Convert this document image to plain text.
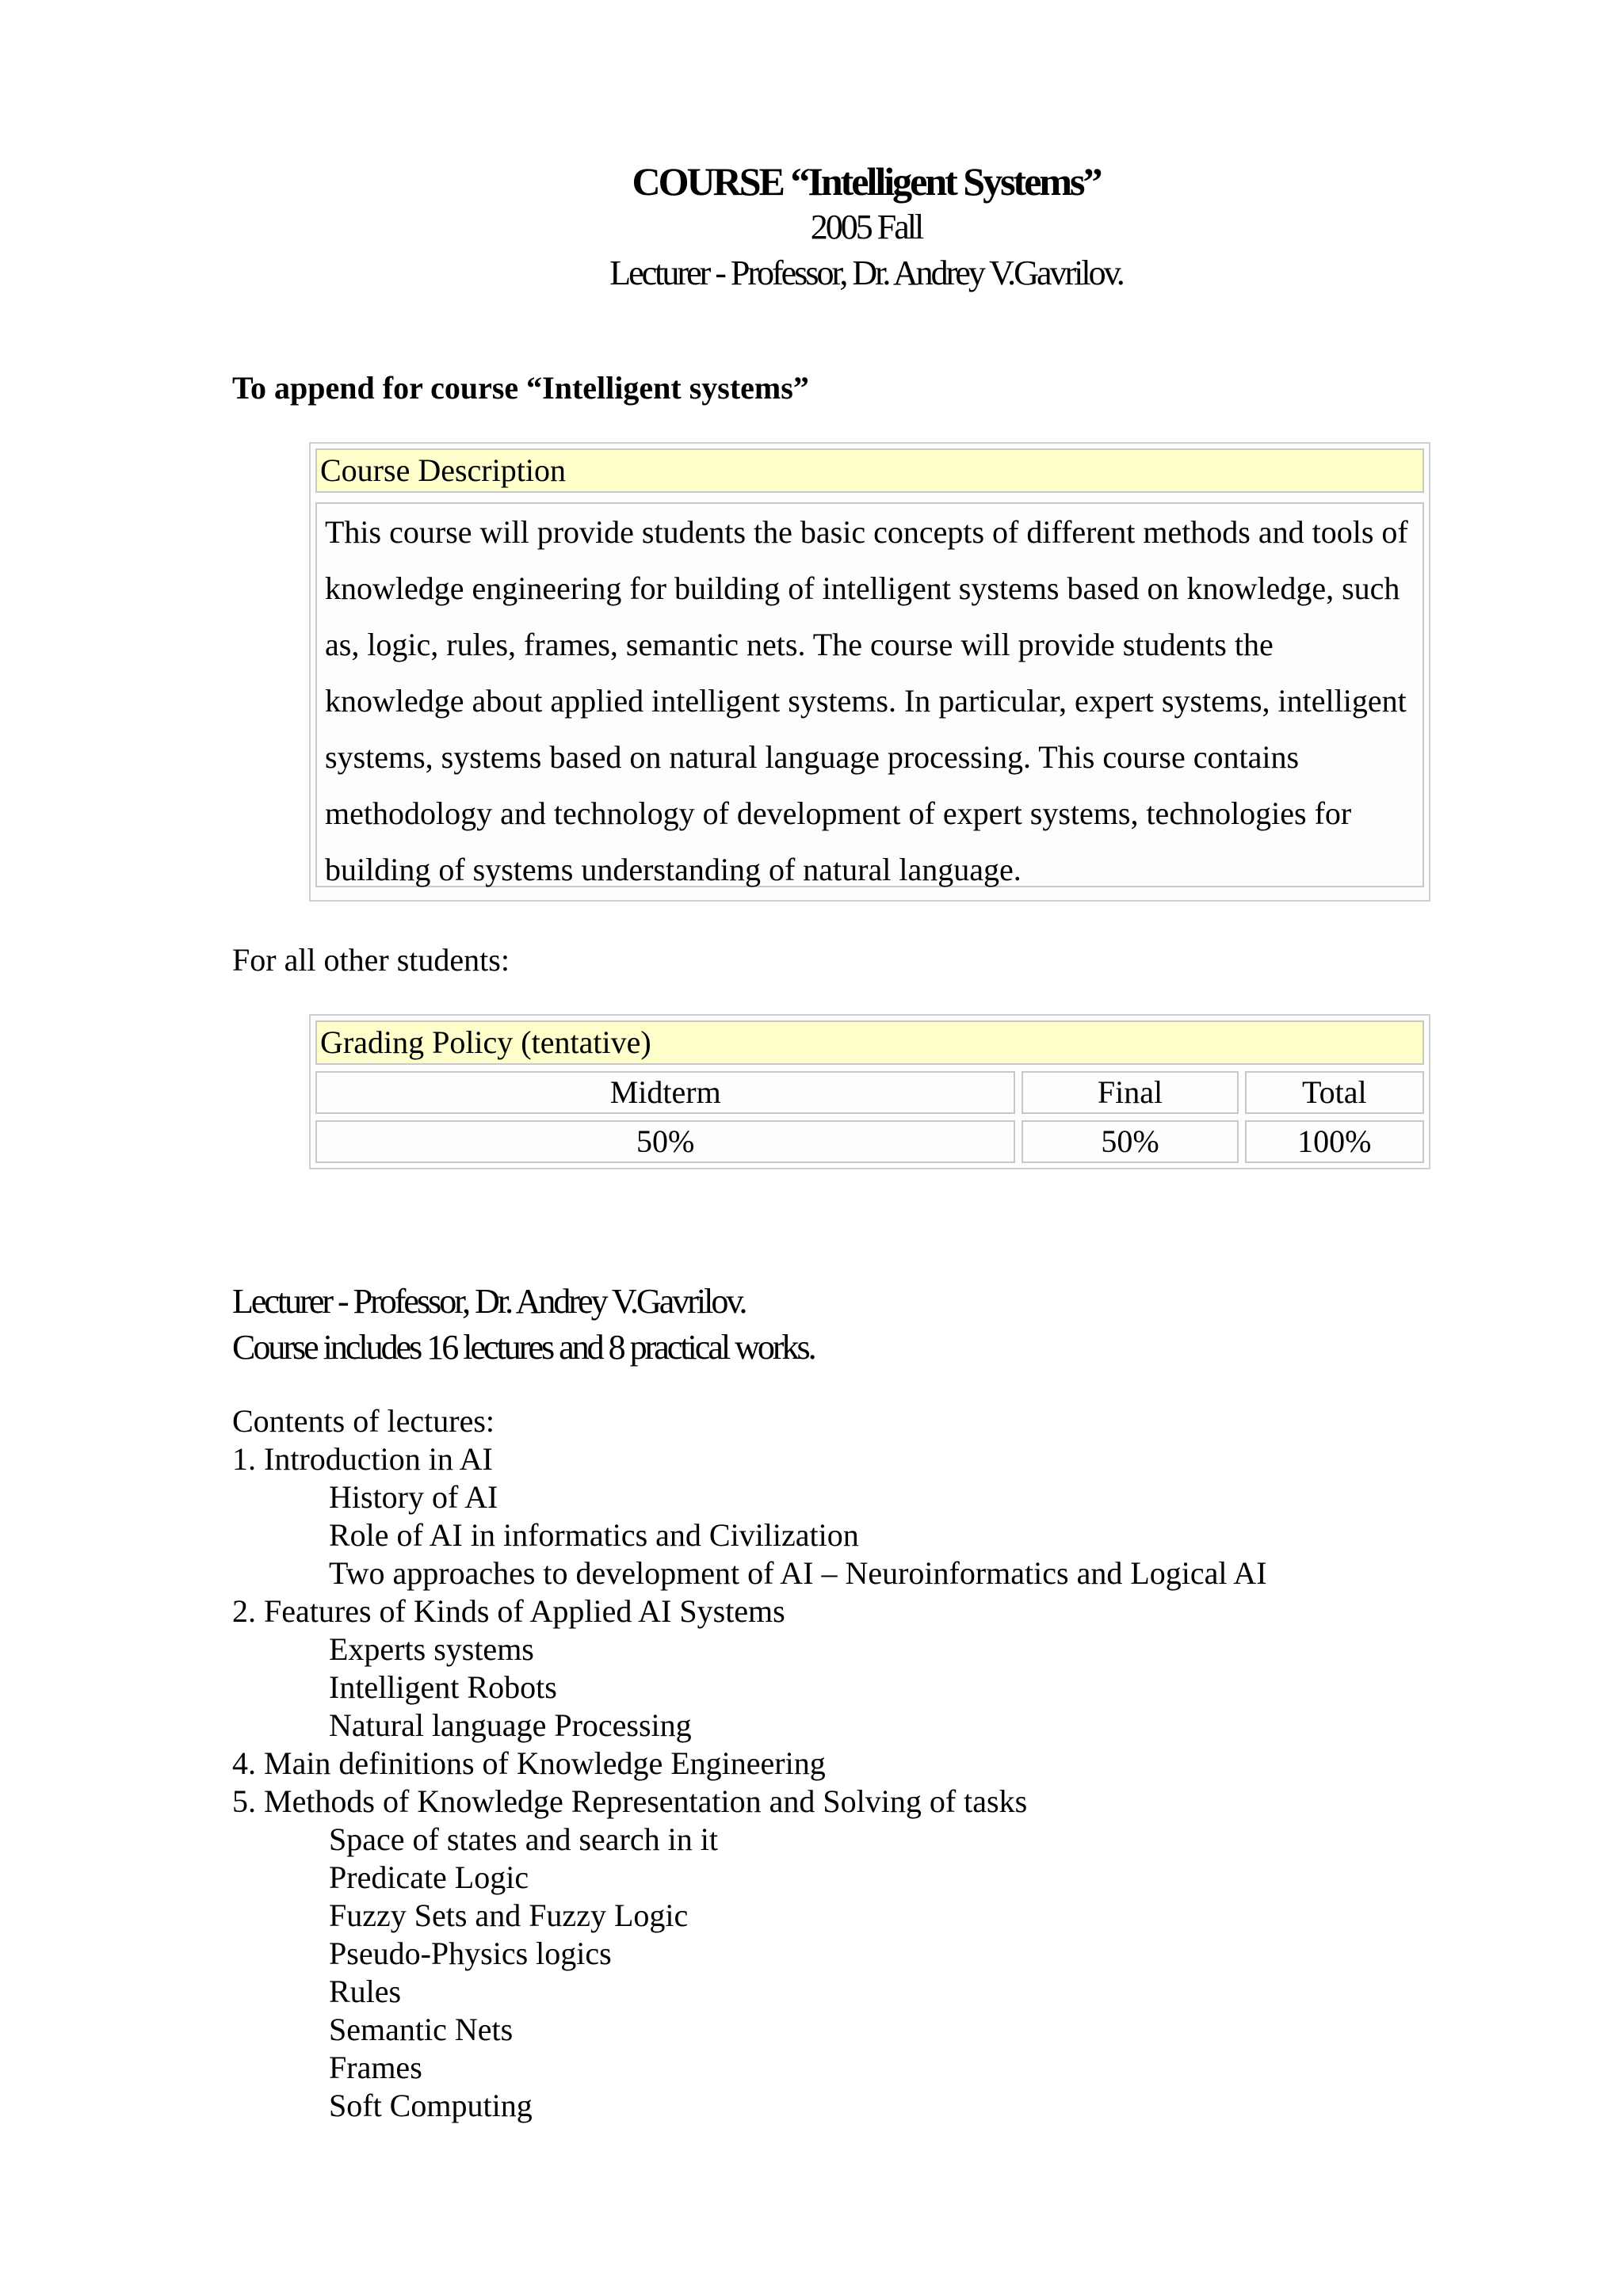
COURSE “Intelligent Systems”
2005 Fall
Lecturer - Professor, Dr. Andrey V.Gavrilov.
To append for course “Intelligent systems”
Course Description
This course will provide students the basic concepts of different methods and tools of knowledge engineering for building of intelligent systems based on knowledge, such as, logic, rules, frames, semantic nets. The course will provide students the knowledge about applied intelligent systems. In particular, expert systems, intelligent systems, systems based on natural language processing. This course contains methodology and technology of development of expert systems, technologies for building of systems understanding of natural language.
For all other students:
Grading Policy (tentative)
Midterm	Final	Total
50%	50%	100%
Lecturer - Professor, Dr. Andrey V.Gavrilov.
Course includes 16 lectures and 8 practical works.
Contents of lectures:
1. Introduction in AI
History of AI
Role of AI in informatics and Civilization
Two approaches to development of AI – Neuroinformatics and Logical AI
2. Features of Kinds of Applied AI Systems
Experts systems
Intelligent Robots
Natural language Processing
4. Main definitions of Knowledge Engineering
5. Methods of Knowledge Representation and Solving of tasks
Space of states and search in it
Predicate Logic
Fuzzy Sets and Fuzzy Logic
Pseudo-Physics logics
Rules
Semantic Nets
Frames
Soft Computing
